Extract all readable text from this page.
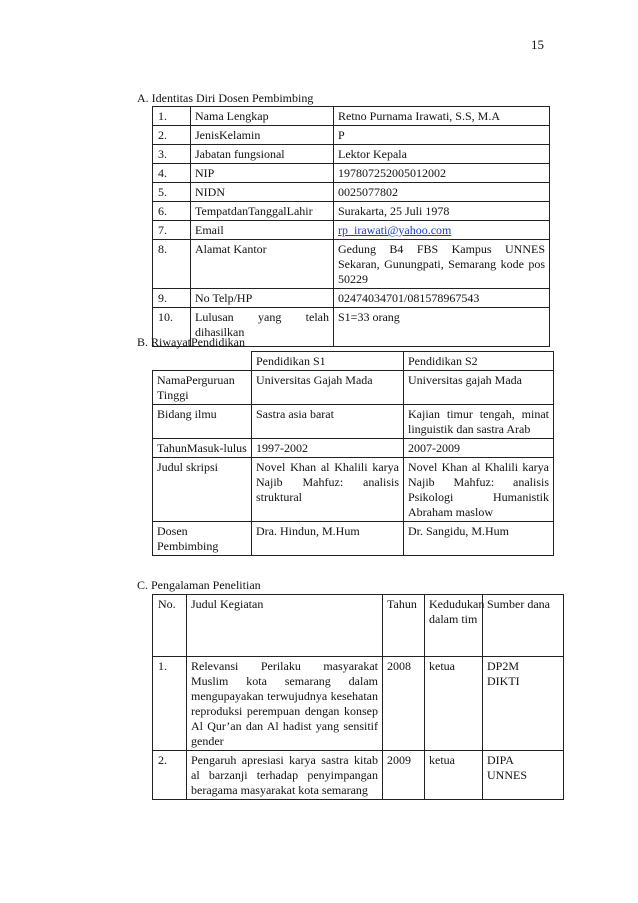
15
A. Identitas Diri Dosen Pembimbing
1.	Nama Lengkap	Retno Purnama Irawati, S.S, M.A
2.	JenisKelamin	P
3.	Jabatan fungsional	Lektor Kepala
4.	NIP	197807252005012002
5.	NIDN	0025077802
6.	TempatdanTanggalLahir	Surakarta, 25 Juli 1978
7.	Email	rp_irawati@yahoo.com
8.	Alamat Kantor	Gedung B4 FBS Kampus UNNES Sekaran, Gunungpati, Semarang kode pos 50229
9.	No Telp/HP	02474034701/081578967543
10.	Lulusan yang telah dihasilkan	S1=33 orang
B. RiwayatPendidikan
	Pendidikan S1	Pendidikan S2
NamaPerguruan Tinggi	Universitas Gajah Mada	Universitas gajah Mada
Bidang ilmu	Sastra asia barat	Kajian timur tengah, minat linguistik dan sastra Arab
TahunMasuk-lulus	1997-2002	2007-2009
Judul skripsi	Novel Khan al Khalili karya Najib Mahfuz: analisis struktural	Novel Khan al Khalili karya Najib Mahfuz: analisis Psikologi Humanistik Abraham maslow
Dosen Pembimbing	Dra. Hindun, M.Hum	Dr. Sangidu, M.Hum
C. Pengalaman Penelitian
No.	Judul Kegiatan	Tahun	Kedudukan dalam tim	Sumber dana
1.	Relevansi Perilaku masyarakat Muslim kota semarang dalam mengupayakan terwujudnya kesehatan reproduksi perempuan dengan konsep Al Qur’an dan Al hadist yang sensitif gender	2008	ketua	DP2M DIKTI
2.	Pengaruh apresiasi karya sastra kitab al barzanji terhadap penyimpangan beragama masyarakat kota semarang	2009	ketua	DIPA UNNES
